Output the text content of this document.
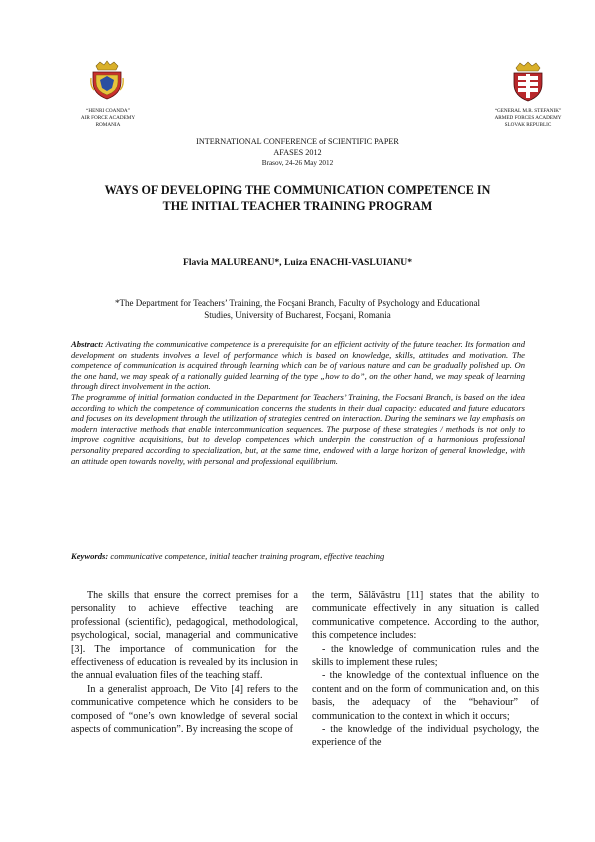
“HENRI COANDA”
AIR FORCE ACADEMY
ROMANIA
“GENERAL M.R. STEFANIK”
ARMED FORCES ACADEMY
SLOVAK REPUBLIC
INTERNATIONAL CONFERENCE of SCIENTIFIC PAPER
AFASES 2012
Brasov, 24-26 May 2012
WAYS OF DEVELOPING THE COMMUNICATION COMPETENCE IN
THE INITIAL TEACHER TRAINING PROGRAM
Flavia MALUREANU*, Luiza ENACHI-VASLUIANU*
*The Department for Teachers’ Training, the Focşani Branch, Faculty of Psychology and Educational
Studies, University of Bucharest, Focşani, Romania

Abstract: Activating the communicative competence is a prerequisite for an efficient activity of the future teacher. Its formation and development on students involves a level of performance which is based on knowledge, skills, attitudes and motivation. The competence of communication is acquired through learning which can be of various nature and can be gradually polished up. On the one hand, we may speak of a rationally guided learning of the type „how to do”, on the other hand, we may speak of learning through direct involvement in the action.

The programme of initial formation conducted in the Department for Teachers’ Training, the Focsani Branch, is based on the idea according to which the competence of communication concerns the students in their dual capacity: educated and future educators and focuses on its development through the utilization of strategies centred on interaction. During the seminars we lay emphasis on modern interactive methods that enable intercommunication sequences. The purpose of these strategies / methods is not only to improve cognitive acquisitions, but to develop competences which underpin the construction of a harmonious professional personality prepared according to specialization, but, at the same time, endowed with a large horizon of general knowledge, with an attitude open towards novelty, with personal and professional equilibrium.

Keywords: communicative competence, initial teacher training program, effective teaching

The skills that ensure the correct premises for a personality to achieve effective teaching are professional (scientific), pedagogical, methodological, psychological, social, managerial and communicative [3]. The importance of communication for the effectiveness of education is revealed by its inclusion in the annual evaluation files of the teaching staff.

In a generalist approach, De Vito [4] refers to the communicative competence which he considers to be composed of “one’s own knowledge of several social aspects of communication”. By increasing the scope of

the term, Sălăvăstru [11] states that the ability to communicate effectively in any situation is called communicative competence. According to the author, this competence includes:

- the knowledge of communication rules and the skills to implement these rules;

- the knowledge of the contextual influence on the content and on the form of communication and, on this basis, the adequacy of the “behaviour” of communication to the context in which it occurs;

- the knowledge of the individual psychology, the experience of the
